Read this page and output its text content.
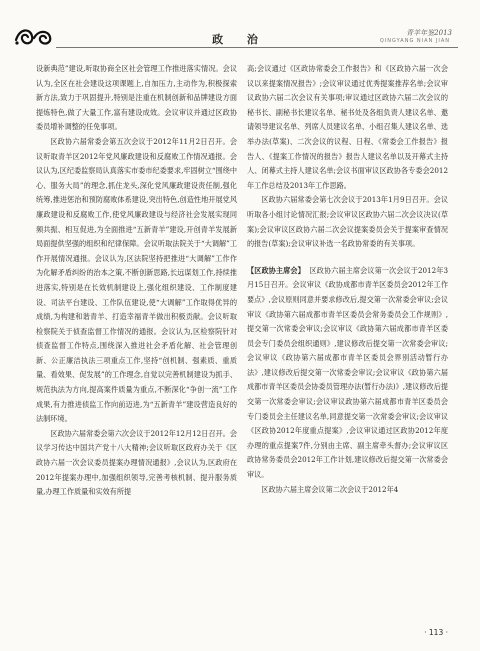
政 治	青羊年鉴2013
QINGYANG NIAN JIAN

设新典范”建设,听取协商全区社会管理工作推进落实情况。会议认为,全区在社会建设这项课题上,自加压力,主动作为,积极探索新方法,致力于巩固提升,特别是注重在机制创新和品牌建设方面提炼特色,做了大量工作,富有建设成效。会议审议并通过区政协委员增补调整的任免事项。

区政协六届常委会第五次会议于2012年11月2日召开。会议听取青羊区2012年党风廉政建设和反腐败工作情况通报。会议认为,区纪委监察局认真落实市委市纪委要求,牢固树立“围绕中心、服务大局”的理念,抓住龙头,深化党风廉政建设责任制,强化统筹,推进惩治和预防腐败体系建设,突出特色,创造性地开展党风廉政建设和反腐败工作,使党风廉政建设与经济社会发展实现同频共振、相互促进,为全面推进“五新青羊”建设,开创青羊发展新局面提供坚强的组织和纪律保障。会议听取法院关于“大调解”工作开展情况通报。会议认为,区法院坚持把推进“大调解”工作作为化解矛盾纠纷的治本之策,不断创新思路,长远谋划工作,持续推进落实,特别是在长效机制建设上,强化组织建设、工作制度建设、司法平台建设、工作队伍建设,使“大调解”工作取得优异的成绩,为构建和谐青羊、打造幸福青羊做出积极贡献。会议听取检察院关于侦查监督工作情况的通报。会议认为,区检察院针对侦查监督工作特点,围绕深入推进社会矛盾化解、社会管理创新、公正廉洁执法三项重点工作,坚持“创机制、强素质、重质量、看效果、促发展”的工作理念,自觉以完善机制建设为抓手、规范执法为方向,提高案件质量为重点,不断深化“争创一流”工作成果,有力推进侦监工作向前迈进,为“五新青羊”建设营造良好的法制环境。

区政协六届常委会第六次会议于2012年12月12日召开。会议学习传达中国共产党十八大精神;会议听取区政府办关于《区政协六届一次会议委员提案办理情况通报》,会议认为,区政府在2012年提案办理中,加强组织领导,完善考核机制、提升服务质量,办理工作质量和实效有所提

高;会议通过《区政协常委会工作报告》和《区政协六届一次会议以来提案情况报告》;会议审议通过优秀提案推荐名单;会议审议政协六届二次会议有关事项;审议通过区政协六届二次会议的秘书长、副秘书长建议名单、秘书处及各组负责人建议名单、邀请领导建议名单、列席人员建议名单、小组召集人建议名单、选举办法(草案)、二次会议的议程、日程、《常委会工作报告》报告人、《提案工作情况的报告》报告人建议名单以及开幕式主持人、闭幕式主持人建议名单;会议书面审议区政协各专委会2012年工作总结及2013年工作思路。

区政协六届常委会第七次会议于2013年1月9日召开。会议听取各小组讨论情况汇报;会议审议区政协六届二次会议决议(草案);会议审议区政协六届二次会议提案委员会关于提案审查情况的报告(草案);会议审议补选一名政协常委的有关事项。

【区政协主席会】 区政协六届主席会议第一次会议于2012年3月15日召开。会议审议《政协成都市青羊区委员会2012年工作要点》,会议原则同意并要求修改后,提交第一次常委会审议;会议审议《政协第六届成都市青羊区委员会常务委员会工作规则》,提交第一次常委会审议;会议审议《政协第六届成都市青羊区委员会专门委员会组织通则》,建议修改后提交第一次常委会审议;会议审议《政协第六届成都市青羊区委员会界别活动暂行办法》,建议修改后提交第一次常委会审议;会议审议《政协第六届成都市青羊区委员会协委员管理办法(暂行办法)》,建议修改后提交第一次常委会审议;会议审议政协第六届成都市青羊区委员会专门委员会主任建议名单,同意提交第一次常委会审议;会议审议《区政协2012年度重点提案》,会议审议通过区政协2012年度办理的重点提案7件,分别由主席、副主席牵头督办;会议审议区政协常务委员会2012年工作计划,建议修改后提交第一次常委会审议。

区政协六届主席会议第二次会议于2012年4

· 113 ·
